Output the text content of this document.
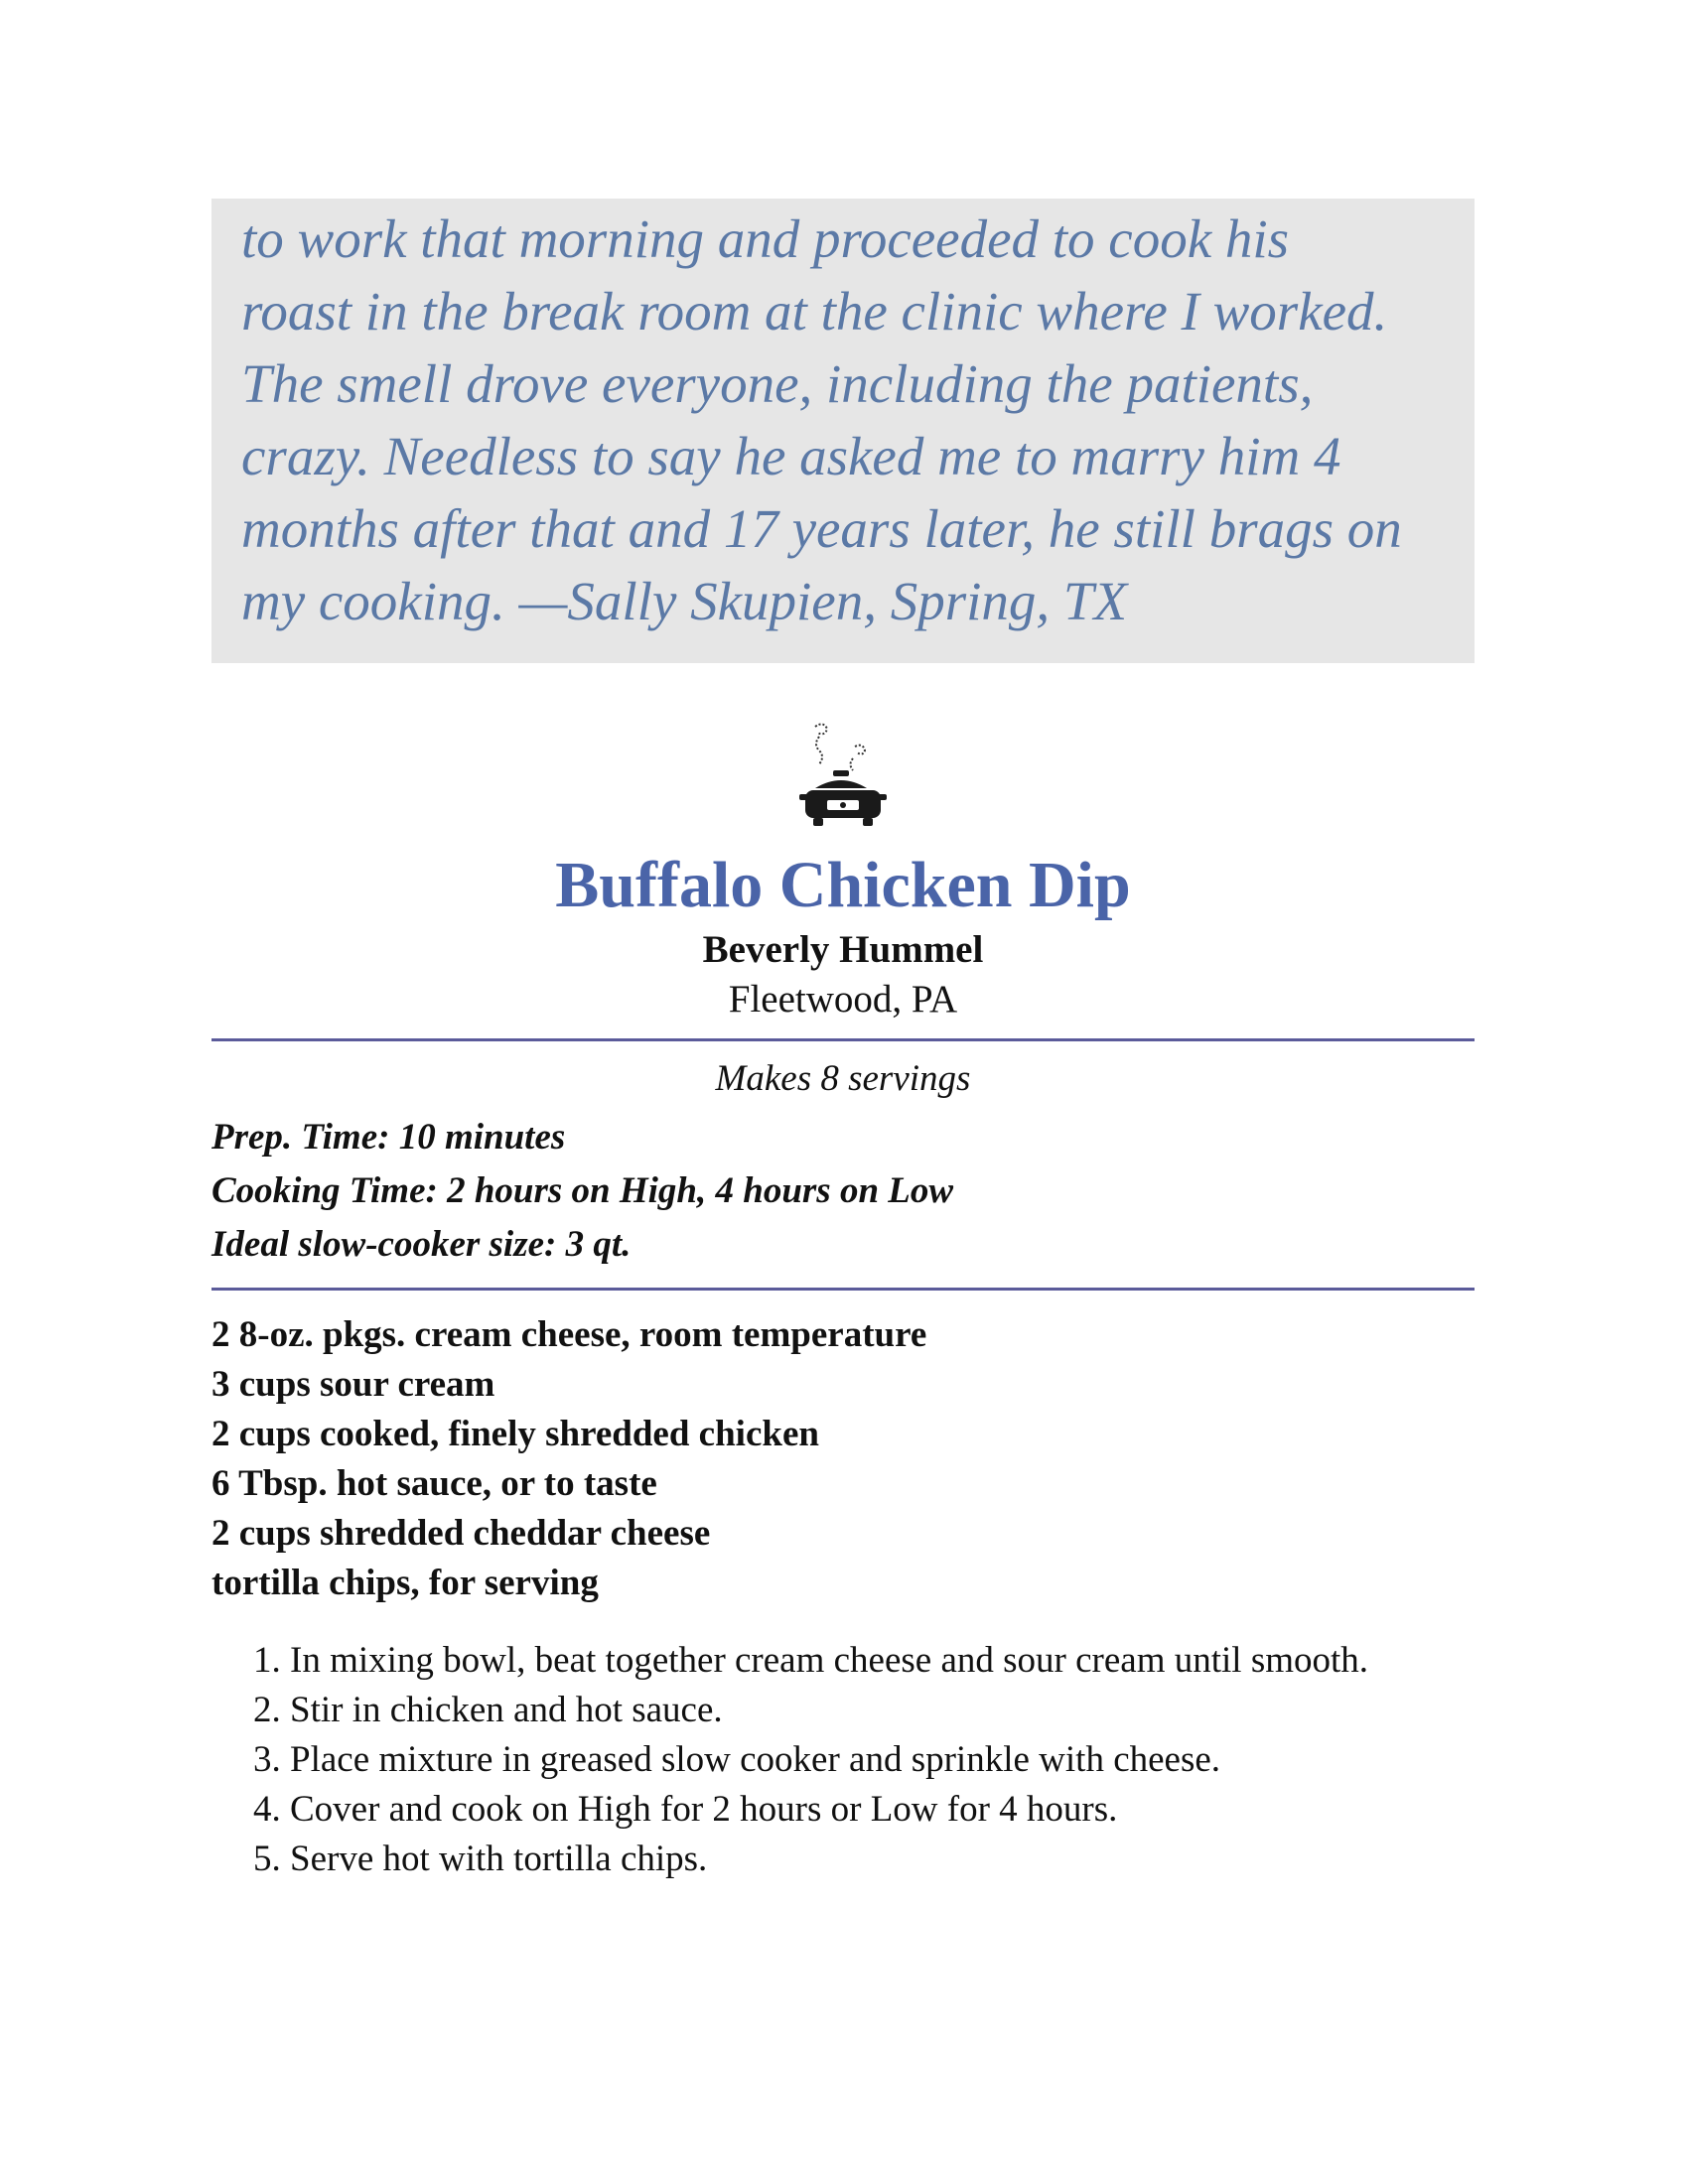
to work that morning and proceeded to cook his
roast in the break room at the clinic where I worked.
The smell drove everyone, including the patients,
crazy. Needless to say he asked me to marry him 4
months after that and 17 years later, he still brags on
my cooking. —Sally Skupien, Spring, TX
Buffalo Chicken Dip
Beverly Hummel
Fleetwood, PA
Makes 8 servings
Prep. Time: 10 minutes
Cooking Time: 2 hours on High, 4 hours on Low
Ideal slow-cooker size: 3 qt.
2 8-oz. pkgs. cream cheese, room temperature
3 cups sour cream
2 cups cooked, finely shredded chicken
6 Tbsp. hot sauce, or to taste
2 cups shredded cheddar cheese
tortilla chips, for serving
1. In mixing bowl, beat together cream cheese and sour cream until smooth.
2. Stir in chicken and hot sauce.
3. Place mixture in greased slow cooker and sprinkle with cheese.
4. Cover and cook on High for 2 hours or Low for 4 hours.
5. Serve hot with tortilla chips.
